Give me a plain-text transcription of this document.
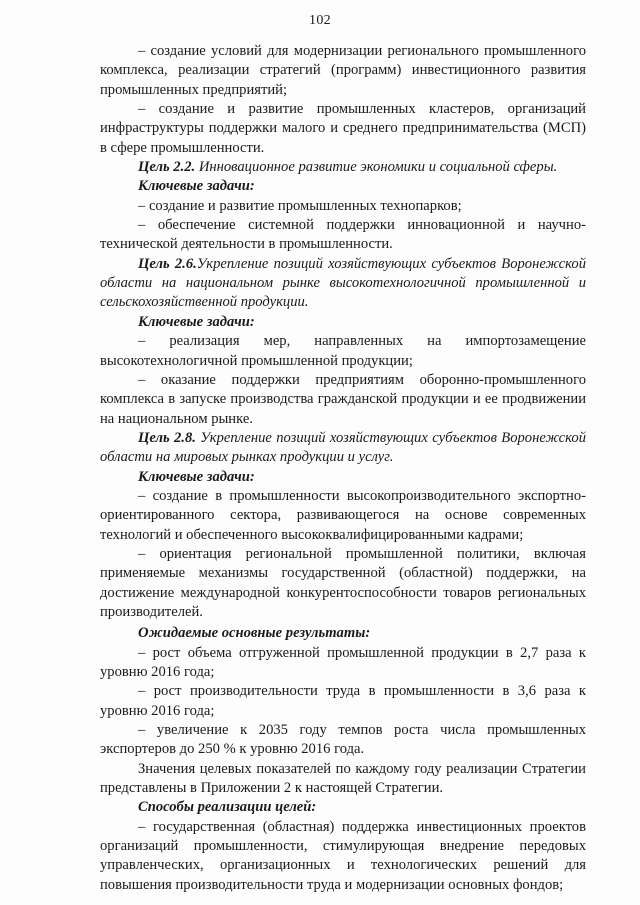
102

– создание условий для модернизации регионального промышленного комплекса, реализации стратегий (программ) инвестиционного развития промышленных предприятий;

– создание и развитие промышленных кластеров, организаций инфраструктуры поддержки малого и среднего предпринимательства (МСП) в сфере промышленности.

Цель 2.2. Инновационное развитие экономики и социальной сферы.

Ключевые задачи:

– создание и развитие промышленных технопарков;

– обеспечение системной поддержки инновационной и научно-технической деятельности в промышленности.

Цель 2.6.Укрепление позиций хозяйствующих субъектов Воронежской области на национальном рынке высокотехнологичной промышленной и сельскохозяйственной продукции.

Ключевые задачи:

– реализация мер, направленных на импортозамещение высокотехнологичной промышленной продукции;

– оказание поддержки предприятиям оборонно-промышленного комплекса в запуске производства гражданской продукции и ее продвижении на национальном рынке.

Цель 2.8. Укрепление позиций хозяйствующих субъектов Воронежской области на мировых рынках продукции и услуг.

Ключевые задачи:

– создание в промышленности высокопроизводительного экспортно-ориентированного сектора, развивающегося на основе современных технологий и обеспеченного высококвалифицированными кадрами;

– ориентация региональной промышленной политики, включая применяемые механизмы государственной (областной) поддержки, на достижение международной конкурентоспособности товаров региональных производителей.

Ожидаемые основные результаты:

– рост объема отгруженной промышленной продукции в 2,7 раза к уровню 2016 года;

– рост производительности труда в промышленности в 3,6 раза к уровню 2016 года;

– увеличение к 2035 году темпов роста числа промышленных экспортеров до 250 % к уровню 2016 года.

Значения целевых показателей по каждому году реализации Стратегии представлены в Приложении 2 к настоящей Стратегии.

Способы реализации целей:

– государственная (областная) поддержка инвестиционных проектов организаций промышленности, стимулирующая внедрение передовых управленческих, организационных и технологических решений для повышения производительности труда и модернизации основных фондов;
